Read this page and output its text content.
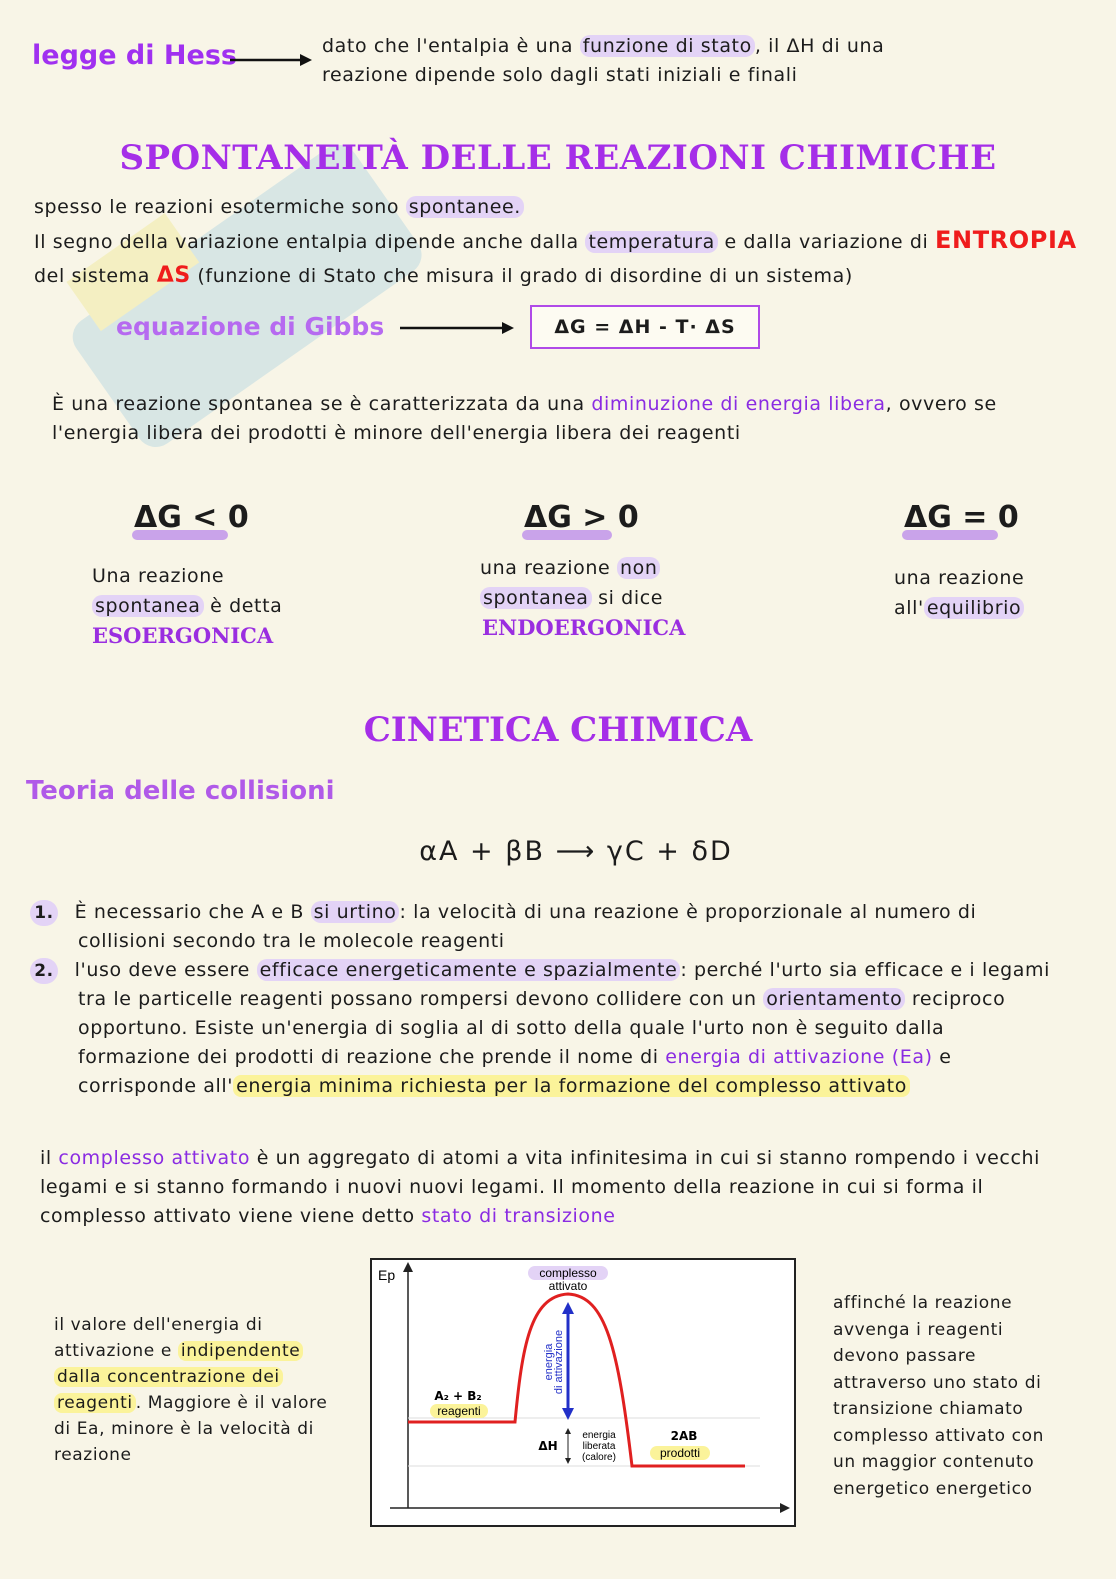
legge di Hess	dato che l'entalpia è una funzione di stato , il ΔH di una
reazione dipende solo dagli stati iniziali e finali
SPONTANEITÀ DELLE REAZIONI CHIMICHE
spesso le reazioni esotermiche sono spontanee.
Il segno della variazione entalpia dipende anche dalla temperatura e dalla variazione di ENTROPIA
del sistema ΔS (funzione di Stato che misura il grado di disordine di un sistema)
equazione di Gibbs	ΔG = ΔH - T· ΔS
È una reazione spontanea se è caratterizzata da una diminuzione di energia libera, ovvero se
l'energia libera dei prodotti è minore dell'energia libera dei reagenti
ΔG < 0
Una reazione
spontanea è detta
ESOERGONICA
ΔG > 0
una reazione non
spontanea si dice
ENDOERGONICA
ΔG = 0
una reazione
all' equilibrio
CINETICA CHIMICA
Teoria delle collisioni
αA + βB ⟶ γC + δD
1. È necessario che A e B si urtino : la velocità di una reazione è proporzionale al numero di
collisioni secondo tra le molecole reagenti
2. l'uso deve essere efficace energeticamente e spazialmente : perché l'urto sia efficace e i legami
tra le particelle reagenti possano rompersi devono collidere con un orientamento reciproco
opportuno. Esiste un'energia di soglia al di sotto della quale l'urto non è seguito dalla
formazione dei prodotti di reazione che prende il nome di energia di attivazione (Ea) e
corrisponde all' energia minima richiesta per la formazione del complesso attivato
il complesso attivato è un aggregato di atomi a vita infinitesima in cui si stanno rompendo i vecchi
legami e si stanno formando i nuovi nuovi legami. Il momento della reazione in cui si forma il
complesso attivato viene viene detto stato di transizione
il valore dell'energia di
attivazione e indipendente
dalla concentrazione dei
reagenti . Maggiore è il valore
di Ea, minore è la velocità di
reazione
Ep	complesso
attivato
energia
di attivazione
A₂ + B₂
reagenti
ΔH
energia
liberata
(calore)
2AB
prodotti
affinché la reazione
avvenga i reagenti
devono passare
attraverso uno stato di
transizione chiamato
complesso attivato con
un maggior contenuto
energetico energetico
